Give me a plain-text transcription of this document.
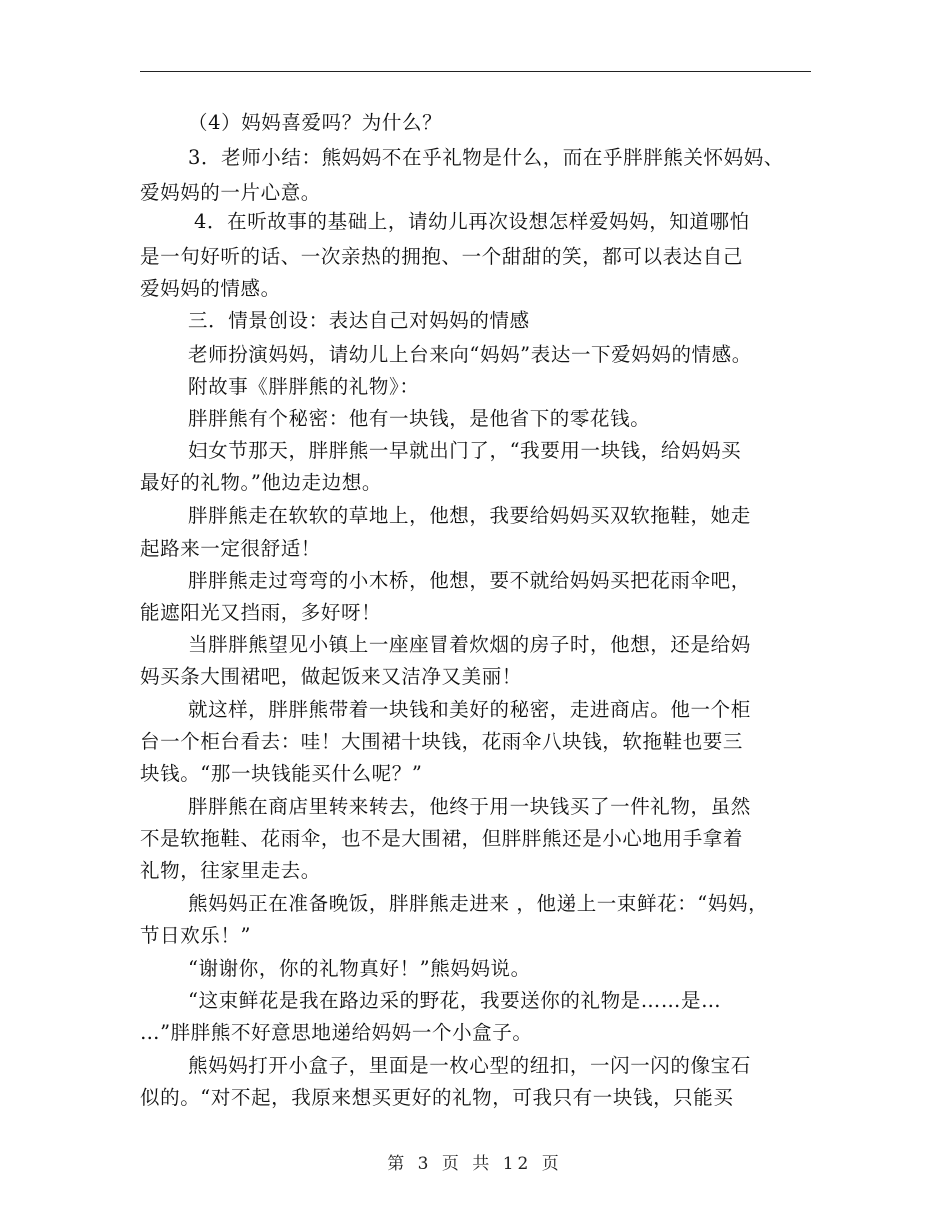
（4）妈妈喜爱吗？为什么？
3．老师小结：熊妈妈不在乎礼物是什么，而在乎胖胖熊关怀妈妈、
爱妈妈的一片心意。
4．在听故事的基础上，请幼儿再次设想怎样爱妈妈，知道哪怕
是一句好听的话、一次亲热的拥抱、一个甜甜的笑，都可以表达自己
爱妈妈的情感。
三．情景创设：表达自己对妈妈的情感
老师扮演妈妈，请幼儿上台来向“妈妈”表达一下爱妈妈的情感。
附故事《胖胖熊的礼物》：
胖胖熊有个秘密：他有一块钱，是他省下的零花钱。
妇女节那天，胖胖熊一早就出门了，“我要用一块钱，给妈妈买
最好的礼物。”他边走边想。
胖胖熊走在软软的草地上，他想，我要给妈妈买双软拖鞋，她走
起路来一定很舒适！
胖胖熊走过弯弯的小木桥，他想，要不就给妈妈买把花雨伞吧，
能遮阳光又挡雨，多好呀！
当胖胖熊望见小镇上一座座冒着炊烟的房子时，他想，还是给妈
妈买条大围裙吧，做起饭来又洁净又美丽！
就这样，胖胖熊带着一块钱和美好的秘密，走进商店。他一个柜
台一个柜台看去：哇！大围裙十块钱，花雨伞八块钱，软拖鞋也要三
块钱。“那一块钱能买什么呢？”
胖胖熊在商店里转来转去，他终于用一块钱买了一件礼物，虽然
不是软拖鞋、花雨伞，也不是大围裙，但胖胖熊还是小心地用手拿着
礼物，往家里走去。
熊妈妈正在准备晚饭，胖胖熊走进来 ，他递上一束鲜花：“妈妈，
节日欢乐！”
“谢谢你，你的礼物真好！”熊妈妈说。
“这束鲜花是我在路边采的野花，我要送你的礼物是……是…
…”胖胖熊不好意思地递给妈妈一个小盒子。
熊妈妈打开小盒子，里面是一枚心型的纽扣，一闪一闪的像宝石
似的。“对不起，我原来想买更好的礼物，可我只有一块钱，只能买
第 3 页 共 12 页
